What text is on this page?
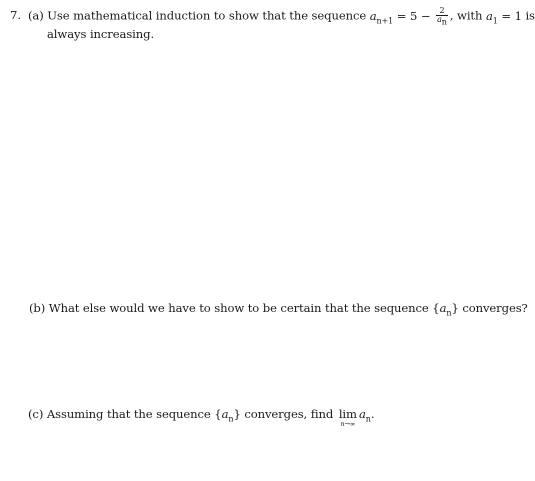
7. (a) Use mathematical induction to show that the sequence $a_{n+1} = 5 - \frac{2}{a_n}$ , with $a_1 = 1$ is
always increasing.
(b) What else would we have to show to be certain that the sequence $\{a_n\}$ converges?
(c) Assuming that the sequence $\{a_n\}$ converges, find lim
n→∞
$a_n$.
